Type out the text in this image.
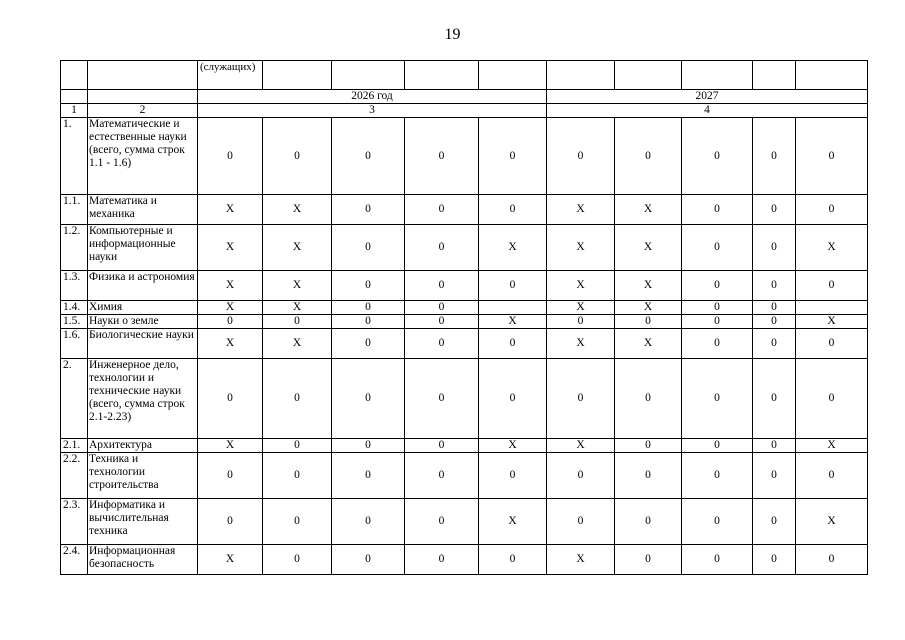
19
		(служащих)									
		2026 год					2027				
1	2	3					4				
1.	Математические и естественные науки (всего, сумма строк 1.1 - 1.6)	0	0	0	0	0	0	0	0	0	0
1.1.	Математика и механика	X	X	0	0	0	X	X	0	0	0
1.2.	Компьютерные и информационные науки	X	X	0	0	X	X	X	0	0	X
1.3.	Физика и астрономия	X	X	0	0	0	X	X	0	0	0
1.4.	Химия	X	X	0	0		X	X	0	0	
1.5.	Науки о земле	0	0	0	0	X	0	0	0	0	X
1.6.	Биологические науки	X	X	0	0	0	X	X	0	0	0
2.	Инженерное дело, технологии и технические науки (всего, сумма строк 2.1-2.23)	0	0	0	0	0	0	0	0	0	0
2.1.	Архитектура	X	0	0	0	X	X	0	0	0	X
2.2.	Техника и технологии строительства	0	0	0	0	0	0	0	0	0	0
2.3.	Информатика и вычислительная техника	0	0	0	0	X	0	0	0	0	X
2.4.	Информационная безопасность	X	0	0	0	0	X	0	0	0	0
